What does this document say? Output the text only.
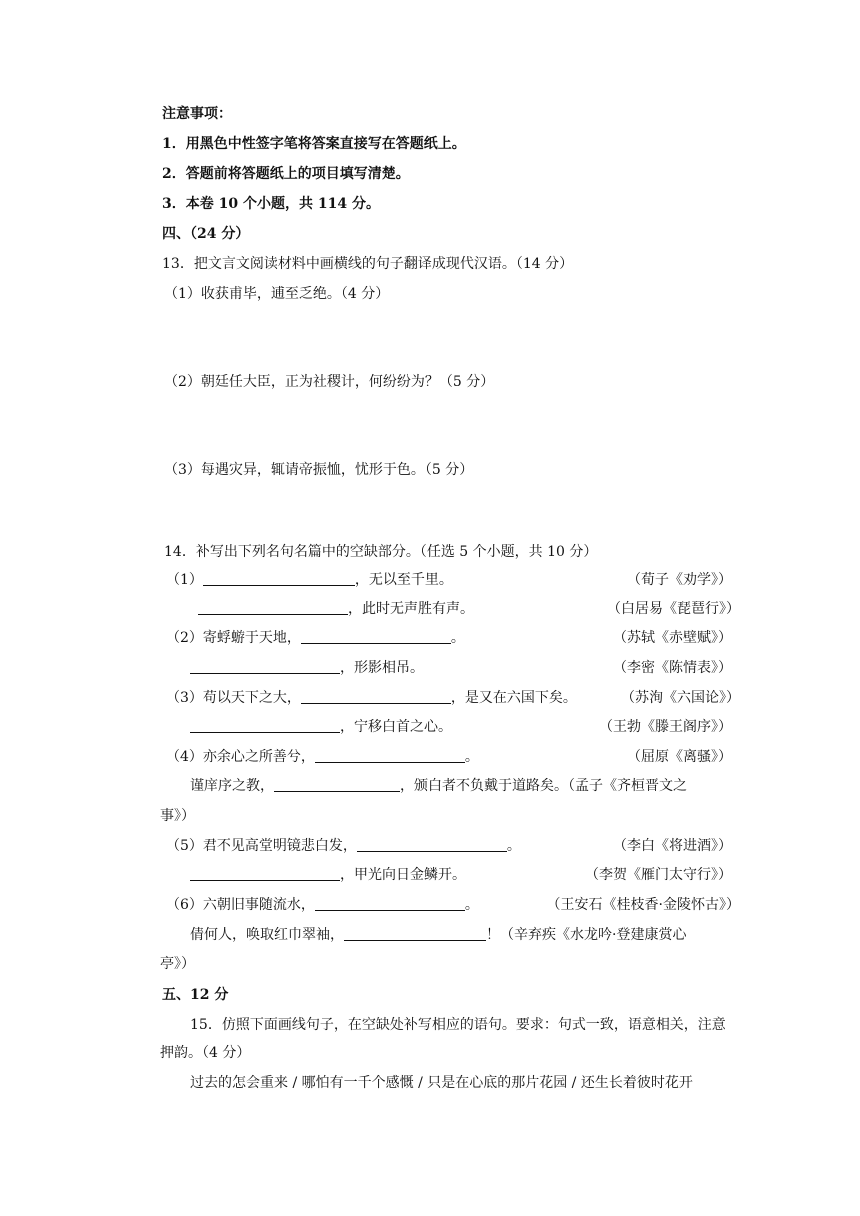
注意事项：
1．用黑色中性签字笔将答案直接写在答题纸上。
2．答题前将答题纸上的项目填写清楚。
3．本卷 10 个小题，共 114 分。
四、（24 分）
13．把文言文阅读材料中画横线的句子翻译成现代汉语。（14 分）
（1）收获甫毕，逋至乏绝。（4 分）
（2）朝廷任大臣，正为社稷计，何纷纷为？（5 分）
（3）每遇灾异，辄请帝振恤，忧形于色。（5 分）
14．补写出下列名句名篇中的空缺部分。（任选 5 个小题，共 10 分）
（1）	，无以至千里。	（荀子《劝学》）
，此时无声胜有声。	（白居易《琵琶行》）
（2）寄蜉蝣于天地，	。	（苏轼《赤壁赋》）
，形影相吊。	（李密《陈情表》）
（3）苟以天下之大，	，是又在六国下矣。	（苏洵《六国论》）
，宁移白首之心。	（王勃《滕王阁序》）
（4）亦余心之所善兮，	。	（屈原《离骚》）
谨庠序之教，	，颁白者不负戴于道路矣。（孟子《齐桓晋文之
事》）
（5）君不见高堂明镜悲白发，	。	（李白《将进酒》）
，甲光向日金鳞开。	（李贺《雁门太守行》）
（6）六朝旧事随流水，	。	（王安石《桂枝香·金陵怀古》）
倩何人，唤取红巾翠袖，	！（辛弃疾《水龙吟·登建康赏心
亭》）
五、12 分
15．仿照下面画线句子，在空缺处补写相应的语句。要求：句式一致，语意相关，注意
押韵。（4 分）
过去的怎会重来 / 哪怕有一千个感慨 / 只是在心底的那片花园 / 还生长着彼时花开
